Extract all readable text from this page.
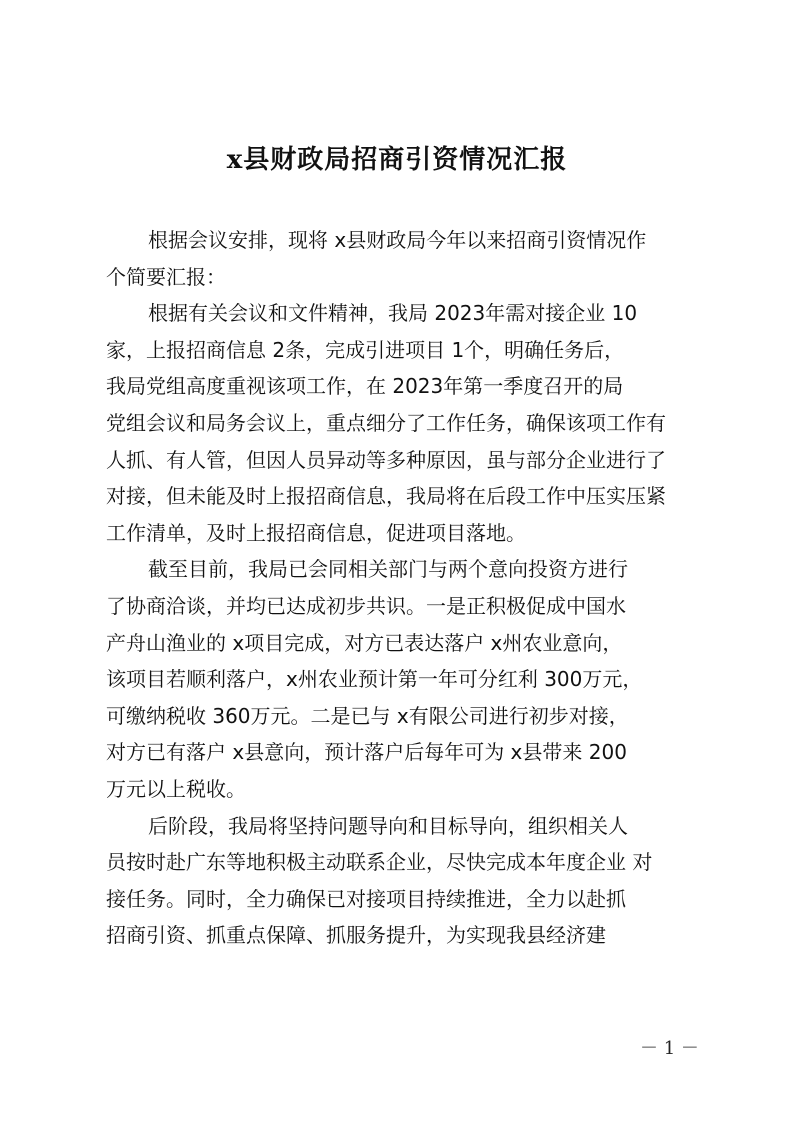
x县财政局招商引资情况汇报
根据会议安排，现将 x县财政局今年以来招商引资情况作
个简要汇报：
根据有关会议和文件精神，我局 2023年需对接企业 10
家，上报招商信息 2条，完成引进项目 1个，明确任务后，
我局党组高度重视该项工作，在 2023年第一季度召开的局
党组会议和局务会议上，重点细分了工作任务，确保该项工作有
人抓、有人管，但因人员异动等多种原因，虽与部分企业进行了
对接，但未能及时上报招商信息，我局将在后段工作中压实压紧
工作清单，及时上报招商信息，促进项目落地。
截至目前，我局已会同相关部门与两个意向投资方进行
了协商洽谈，并均已达成初步共识。一是正积极促成中国水
产舟山渔业的 x项目完成，对方已表达落户 x州农业意向，
该项目若顺利落户，x州农业预计第一年可分红利 300万元，
可缴纳税收 360万元。二是已与 x有限公司进行初步对接，
对方已有落户 x县意向，预计落户后每年可为 x县带来 200
万元以上税收。
后阶段，我局将坚持问题导向和目标导向，组织相关人
员按时赴广东等地积极主动联系企业，尽快完成本年度企业 对
接任务。同时，全力确保已对接项目持续推进，全力以赴抓
招商引资、抓重点保障、抓服务提升，为实现我县经济建
－ 1 －
